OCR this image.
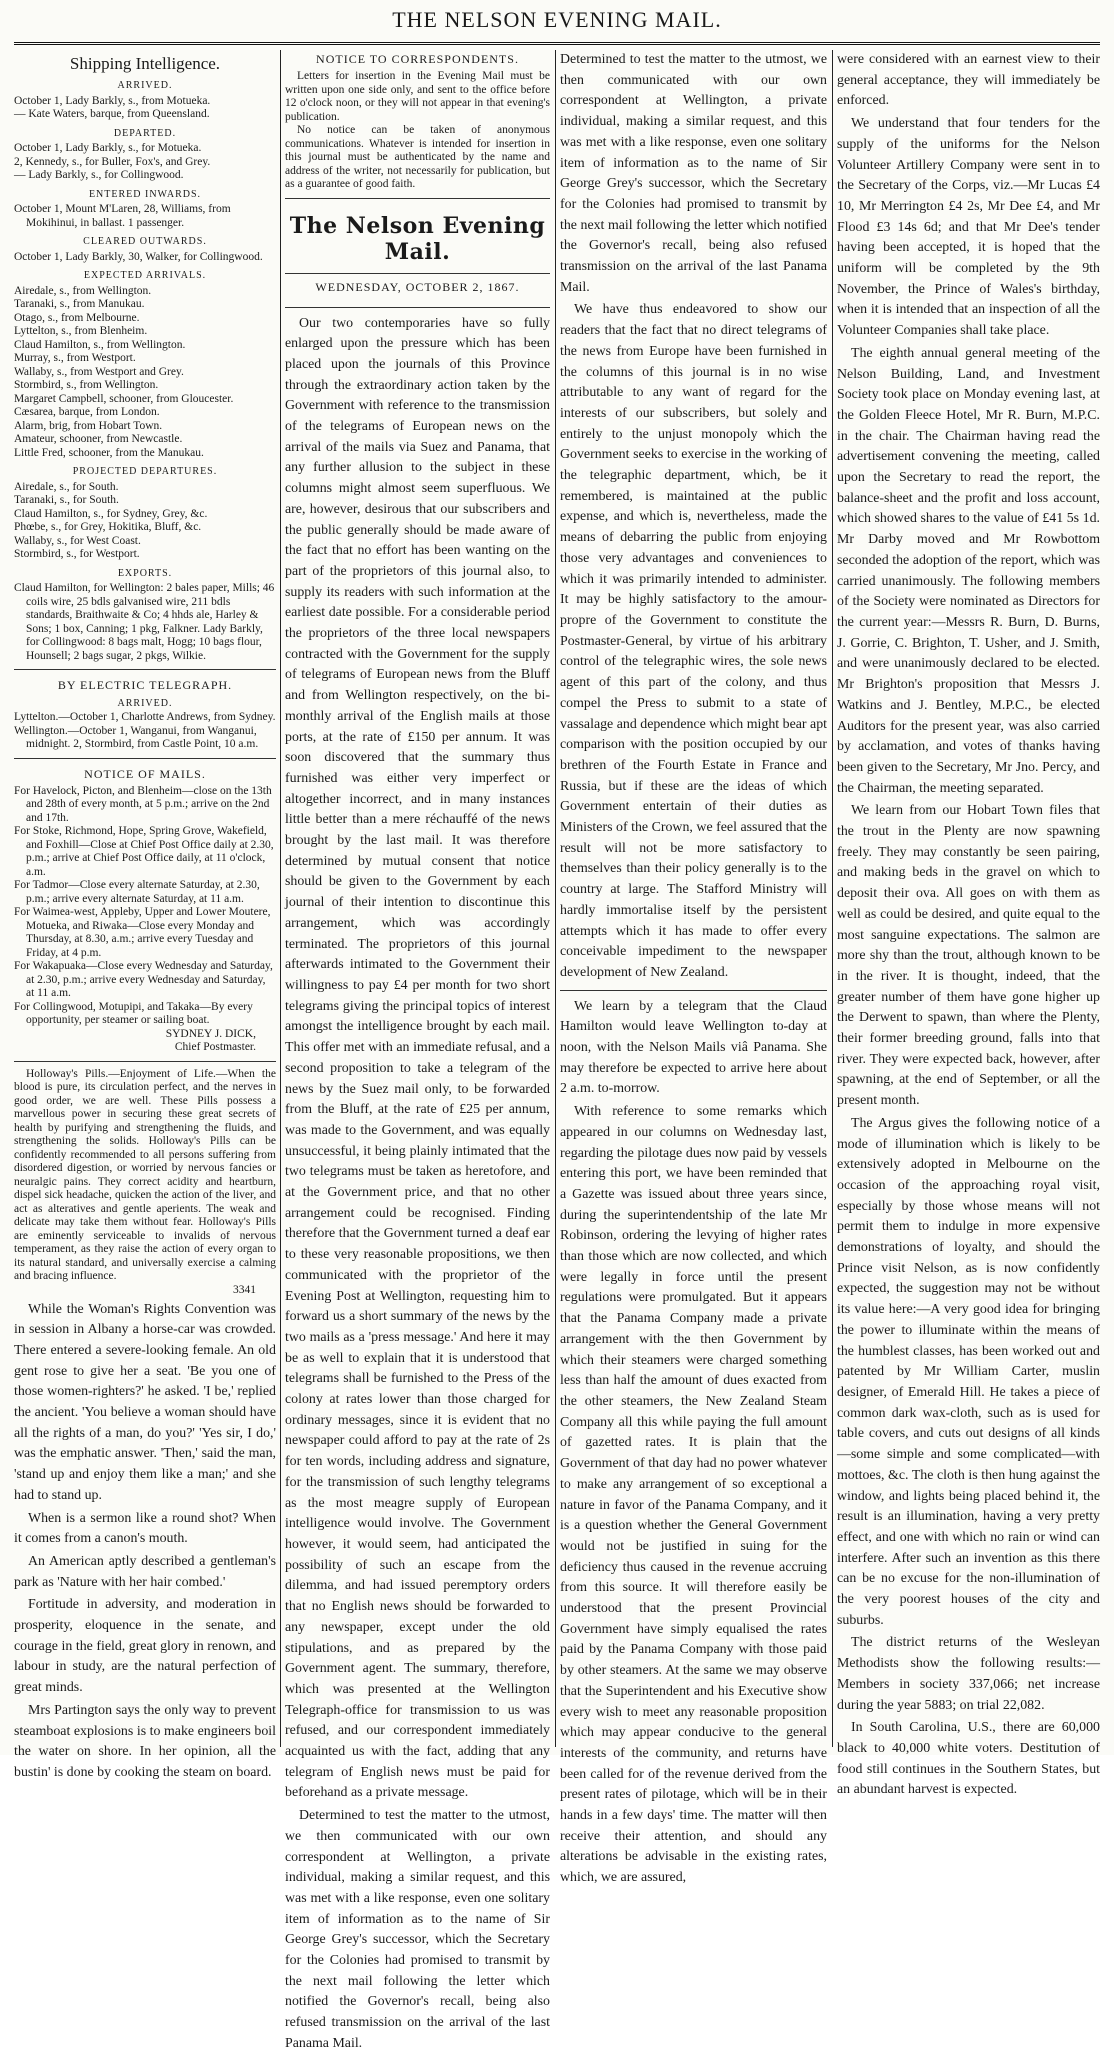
THE NELSON EVENING MAIL.
Shipping Intelligence.
ARRIVED.

October 1, Lady Barkly, s., from Motueka.

— Kate Waters, barque, from Queensland.

DEPARTED.

October 1, Lady Barkly, s., for Motueka.

2, Kennedy, s., for Buller, Fox's, and Grey.

— Lady Barkly, s., for Collingwood.

ENTERED INWARDS.

October 1, Mount M'Laren, 28, Williams, from Mokihinui, in ballast. 1 passenger.

CLEARED OUTWARDS.

October 1, Lady Barkly, 30, Walker, for Collingwood.

EXPECTED ARRIVALS.

Airedale, s., from Wellington.

Taranaki, s., from Manukau.

Otago, s., from Melbourne.

Lyttelton, s., from Blenheim.

Claud Hamilton, s., from Wellington.

Murray, s., from Westport.

Wallaby, s., from Westport and Grey.

Stormbird, s., from Wellington.

Margaret Campbell, schooner, from Gloucester.

Cæsarea, barque, from London.

Alarm, brig, from Hobart Town.

Amateur, schooner, from Newcastle.

Little Fred, schooner, from the Manukau.

PROJECTED DEPARTURES.

Airedale, s., for South.

Taranaki, s., for South.

Claud Hamilton, s., for Sydney, Grey, &c.

Phœbe, s., for Grey, Hokitika, Bluff, &c.

Wallaby, s., for West Coast.

Stormbird, s., for Westport.

EXPORTS.

Claud Hamilton, for Wellington: 2 bales paper, Mills; 46 coils wire, 25 bdls galvanised wire, 211 bdls standards, Braithwaite & Co; 4 hhds ale, Harley & Sons; 1 box, Canning; 1 pkg, Falkner. Lady Barkly, for Collingwood: 8 bags malt, Hogg; 10 bags flour, Hounsell; 2 bags sugar, 2 pkgs, Wilkie.

BY ELECTRIC TELEGRAPH.
ARRIVED.

Lyttelton.—October 1, Charlotte Andrews, from Sydney.

Wellington.—October 1, Wanganui, from Wanganui, midnight. 2, Stormbird, from Castle Point, 10 a.m.

NOTICE OF MAILS.

For Havelock, Picton, and Blenheim—close on the 13th and 28th of every month, at 5 p.m.; arrive on the 2nd and 17th.

For Stoke, Richmond, Hope, Spring Grove, Wakefield, and Foxhill—Close at Chief Post Office daily at 2.30, p.m.; arrive at Chief Post Office daily, at 11 o'clock, a.m.

For Tadmor—Close every alternate Saturday, at 2.30, p.m.; arrive every alternate Saturday, at 11 a.m.

For Waimea-west, Appleby, Upper and Lower Moutere, Motueka, and Riwaka—Close every Monday and Thursday, at 8.30, a.m.; arrive every Tuesday and Friday, at 4 p.m.

For Wakapuaka—Close every Wednesday and Saturday, at 2.30, p.m.; arrive every Wednesday and Saturday, at 11 a.m.

For Collingwood, Motupipi, and Takaka—By every opportunity, per steamer or sailing boat.

SYDNEY J. DICK,
Chief Postmaster.

Holloway's Pills.—Enjoyment of Life.—When the blood is pure, its circulation perfect, and the nerves in good order, we are well. These Pills possess a marvellous power in securing these great secrets of health by purifying and strengthening the fluids, and strengthening the solids. Holloway's Pills can be confidently recommended to all persons suffering from disordered digestion, or worried by nervous fancies or neuralgic pains. They correct acidity and heartburn, dispel sick headache, quicken the action of the liver, and act as alteratives and gentle aperients. The weak and delicate may take them without fear. Holloway's Pills are eminently serviceable to invalids of nervous temperament, as they raise the action of every organ to its natural standard, and universally exercise a calming and bracing influence.

3341

While the Woman's Rights Convention was in session in Albany a horse-car was crowded. There entered a severe-looking female. An old gent rose to give her a seat. 'Be you one of those women-righters?' he asked. 'I be,' replied the ancient. 'You believe a woman should have all the rights of a man, do you?' 'Yes sir, I do,' was the emphatic answer. 'Then,' said the man, 'stand up and enjoy them like a man;' and she had to stand up.

When is a sermon like a round shot? When it comes from a canon's mouth.

An American aptly described a gentleman's park as 'Nature with her hair combed.'

Fortitude in adversity, and moderation in prosperity, eloquence in the senate, and courage in the field, great glory in renown, and labour in study, are the natural perfection of great minds.

Mrs Partington says the only way to prevent steamboat explosions is to make engineers boil the water on shore. In her opinion, all the bustin' is done by cooking the steam on board.

NOTICE TO CORRESPONDENTS.

Letters for insertion in the Evening Mail must be written upon one side only, and sent to the office before 12 o'clock noon, or they will not appear in that evening's publication.

No notice can be taken of anonymous communications. Whatever is intended for insertion in this journal must be authenticated by the name and address of the writer, not necessarily for publication, but as a guarantee of good faith.

The Nelson Evening Mail.
WEDNESDAY, OCTOBER 2, 1867.

Our two contemporaries have so fully enlarged upon the pressure which has been placed upon the journals of this Province through the extraordinary action taken by the Government with reference to the transmission of the telegrams of European news on the arrival of the mails via Suez and Panama, that any further allusion to the subject in these columns might almost seem superfluous. We are, however, desirous that our subscribers and the public generally should be made aware of the fact that no effort has been wanting on the part of the proprietors of this journal also, to supply its readers with such information at the earliest date possible. For a considerable period the proprietors of the three local newspapers contracted with the Government for the supply of telegrams of European news from the Bluff and from Wellington respectively, on the bi-monthly arrival of the English mails at those ports, at the rate of £150 per annum. It was soon discovered that the summary thus furnished was either very imperfect or altogether incorrect, and in many instances little better than a mere réchauffé of the news brought by the last mail. It was therefore determined by mutual consent that notice should be given to the Government by each journal of their intention to discontinue this arrangement, which was accordingly terminated. The proprietors of this journal afterwards intimated to the Government their willingness to pay £4 per month for two short telegrams giving the principal topics of interest amongst the intelligence brought by each mail. This offer met with an immediate refusal, and a second proposition to take a telegram of the news by the Suez mail only, to be forwarded from the Bluff, at the rate of £25 per annum, was made to the Government, and was equally unsuccessful, it being plainly intimated that the two telegrams must be taken as heretofore, and at the Government price, and that no other arrangement could be recognised. Finding therefore that the Government turned a deaf ear to these very reasonable propositions, we then communicated with the proprietor of the Evening Post at Wellington, requesting him to forward us a short summary of the news by the two mails as a 'press message.' And here it may be as well to explain that it is understood that telegrams shall be furnished to the Press of the colony at rates lower than those charged for ordinary messages, since it is evident that no newspaper could afford to pay at the rate of 2s for ten words, including address and signature, for the transmission of such lengthy telegrams as the most meagre supply of European intelligence would involve. The Government however, it would seem, had anticipated the possibility of such an escape from the dilemma, and had issued peremptory orders that no English news should be forwarded to any newspaper, except under the old stipulations, and as prepared by the Government agent. The summary, therefore, which was presented at the Wellington Telegraph-office for transmission to us was refused, and our correspondent immediately acquainted us with the fact, adding that any telegram of English news must be paid for beforehand as a private message.

Determined to test the matter to the utmost, we then communicated with our own correspondent at Wellington, a private individual, making a similar request, and this was met with a like response, even one solitary item of information as to the name of Sir George Grey's successor, which the Secretary for the Colonies had promised to transmit by the next mail following the letter which notified the Governor's recall, being also refused transmission on the arrival of the last Panama Mail.

Determined to test the matter to the utmost, we then communicated with our own correspondent at Wellington, a private individual, making a similar request, and this was met with a like response, even one solitary item of information as to the name of Sir George Grey's successor, which the Secretary for the Colonies had promised to transmit by the next mail following the letter which notified the Governor's recall, being also refused transmission on the arrival of the last Panama Mail.

We have thus endeavored to show our readers that the fact that no direct telegrams of the news from Europe have been furnished in the columns of this journal is in no wise attributable to any want of regard for the interests of our subscribers, but solely and entirely to the unjust monopoly which the Government seeks to exercise in the working of the telegraphic department, which, be it remembered, is maintained at the public expense, and which is, nevertheless, made the means of debarring the public from enjoying those very advantages and conveniences to which it was primarily intended to administer. It may be highly satisfactory to the amour-propre of the Government to constitute the Postmaster-General, by virtue of his arbitrary control of the telegraphic wires, the sole news agent of this part of the colony, and thus compel the Press to submit to a state of vassalage and dependence which might bear apt comparison with the position occupied by our brethren of the Fourth Estate in France and Russia, but if these are the ideas of which Government entertain of their duties as Ministers of the Crown, we feel assured that the result will not be more satisfactory to themselves than their policy generally is to the country at large. The Stafford Ministry will hardly immortalise itself by the persistent attempts which it has made to offer every conceivable impediment to the newspaper development of New Zealand.

We learn by a telegram that the Claud Hamilton would leave Wellington to-day at noon, with the Nelson Mails viâ Panama. She may therefore be expected to arrive here about 2 a.m. to-morrow.

With reference to some remarks which appeared in our columns on Wednesday last, regarding the pilotage dues now paid by vessels entering this port, we have been reminded that a Gazette was issued about three years since, during the superintendentship of the late Mr Robinson, ordering the levying of higher rates than those which are now collected, and which were legally in force until the present regulations were promulgated. But it appears that the Panama Company made a private arrangement with the then Government by which their steamers were charged something less than half the amount of dues exacted from the other steamers, the New Zealand Steam Company all this while paying the full amount of gazetted rates. It is plain that the Government of that day had no power whatever to make any arrangement of so exceptional a nature in favor of the Panama Company, and it is a question whether the General Government would not be justified in suing for the deficiency thus caused in the revenue accruing from this source. It will therefore easily be understood that the present Provincial Government have simply equalised the rates paid by the Panama Company with those paid by other steamers. At the same we may observe that the Superintendent and his Executive show every wish to meet any reasonable proposition which may appear conducive to the general interests of the community, and returns have been called for of the revenue derived from the present rates of pilotage, which will be in their hands in a few days' time. The matter will then receive their attention, and should any alterations be advisable in the existing rates, which, we are assured,

were considered with an earnest view to their general acceptance, they will immediately be enforced.

We understand that four tenders for the supply of the uniforms for the Nelson Volunteer Artillery Company were sent in to the Secretary of the Corps, viz.—Mr Lucas £4 10, Mr Merrington £4 2s, Mr Dee £4, and Mr Flood £3 14s 6d; and that Mr Dee's tender having been accepted, it is hoped that the uniform will be completed by the 9th November, the Prince of Wales's birthday, when it is intended that an inspection of all the Volunteer Companies shall take place.

The eighth annual general meeting of the Nelson Building, Land, and Investment Society took place on Monday evening last, at the Golden Fleece Hotel, Mr R. Burn, M.P.C. in the chair. The Chairman having read the advertisement convening the meeting, called upon the Secretary to read the report, the balance-sheet and the profit and loss account, which showed shares to the value of £41 5s 1d. Mr Darby moved and Mr Rowbottom seconded the adoption of the report, which was carried unanimously. The following members of the Society were nominated as Directors for the current year:—Messrs R. Burn, D. Burns, J. Gorrie, C. Brighton, T. Usher, and J. Smith, and were unanimously declared to be elected. Mr Brighton's proposition that Messrs J. Watkins and J. Bentley, M.P.C., be elected Auditors for the present year, was also carried by acclamation, and votes of thanks having been given to the Secretary, Mr Jno. Percy, and the Chairman, the meeting separated.

We learn from our Hobart Town files that the trout in the Plenty are now spawning freely. They may constantly be seen pairing, and making beds in the gravel on which to deposit their ova. All goes on with them as well as could be desired, and quite equal to the most sanguine expectations. The salmon are more shy than the trout, although known to be in the river. It is thought, indeed, that the greater number of them have gone higher up the Derwent to spawn, than where the Plenty, their former breeding ground, falls into that river. They were expected back, however, after spawning, at the end of September, or all the present month.

The Argus gives the following notice of a mode of illumination which is likely to be extensively adopted in Melbourne on the occasion of the approaching royal visit, especially by those whose means will not permit them to indulge in more expensive demonstrations of loyalty, and should the Prince visit Nelson, as is now confidently expected, the suggestion may not be without its value here:—A very good idea for bringing the power to illuminate within the means of the humblest classes, has been worked out and patented by Mr William Carter, muslin designer, of Emerald Hill. He takes a piece of common dark wax-cloth, such as is used for table covers, and cuts out designs of all kinds—some simple and some complicated—with mottoes, &c. The cloth is then hung against the window, and lights being placed behind it, the result is an illumination, having a very pretty effect, and one with which no rain or wind can interfere. After such an invention as this there can be no excuse for the non-illumination of the very poorest houses of the city and suburbs.

The district returns of the Wesleyan Methodists show the following results:—Members in society 337,066; net increase during the year 5883; on trial 22,082.

In South Carolina, U.S., there are 60,000 black to 40,000 white voters. Destitution of food still continues in the Southern States, but an abundant harvest is expected.
